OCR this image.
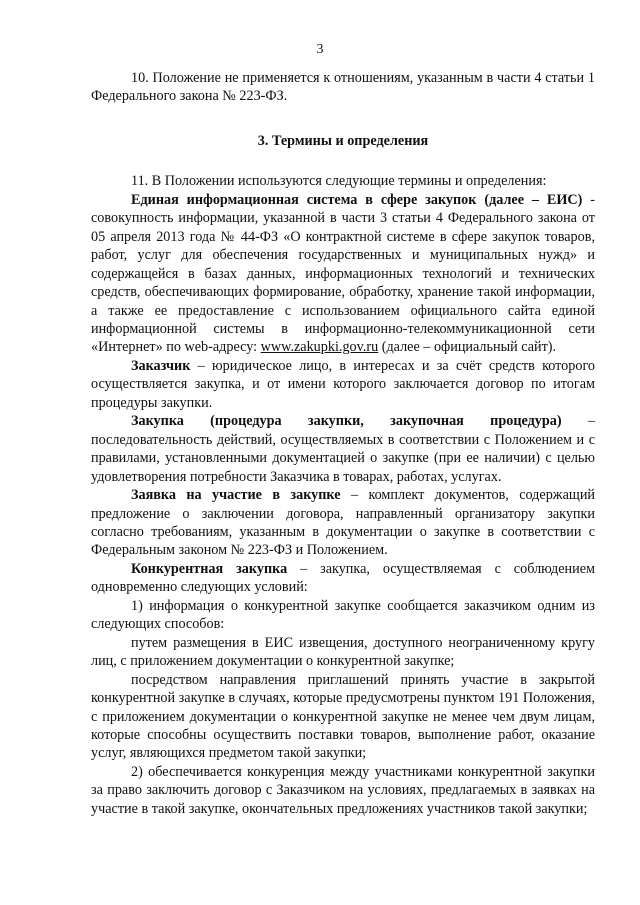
3

10. Положение не применяется к отношениям, указанным в части 4 статьи 1 Федерального закона № 223-ФЗ.

3. Термины и определения

11. В Положении используются следующие термины и определения:

Единая информационная система в сфере закупок (далее – ЕИС) - совокупность информации, указанной в части 3 статьи 4 Федерального закона от 05 апреля 2013 года № 44-ФЗ «О контрактной системе в сфере закупок товаров, работ, услуг для обеспечения государственных и муниципальных нужд» и содержащейся в базах данных, информационных технологий и технических средств, обеспечивающих формирование, обработку, хранение такой информации, а также ее предоставление с использованием официального сайта единой информационной системы в информационно-телекоммуникационной сети «Интернет» по web-адресу: www.zakupki.gov.ru (далее – официальный сайт).

Заказчик – юридическое лицо, в интересах и за счёт средств которого осуществляется закупка, и от имени которого заключается договор по итогам процедуры закупки.

Закупка (процедура закупки, закупочная процедура) – последовательность действий, осуществляемых в соответствии с Положением и с правилами, установленными документацией о закупке (при ее наличии) с целью удовлетворения потребности Заказчика в товарах, работах, услугах.

Заявка на участие в закупке – комплект документов, содержащий предложение о заключении договора, направленный организатору закупки согласно требованиям, указанным в документации о закупке в соответствии с Федеральным законом № 223-ФЗ и Положением.

Конкурентная закупка – закупка, осуществляемая с соблюдением одновременно следующих условий:

1) информация о конкурентной закупке сообщается заказчиком одним из следующих способов:

путем размещения в ЕИС извещения, доступного неограниченному кругу лиц, с приложением документации о конкурентной закупке;

посредством направления приглашений принять участие в закрытой конкурентной закупке в случаях, которые предусмотрены пунктом 191 Положения, с приложением документации о конкурентной закупке не менее чем двум лицам, которые способны осуществить поставки товаров, выполнение работ, оказание услуг, являющихся предметом такой закупки;

2) обеспечивается конкуренция между участниками конкурентной закупки за право заключить договор с Заказчиком на условиях, предлагаемых в заявках на участие в такой закупке, окончательных предложениях участников такой закупки;
